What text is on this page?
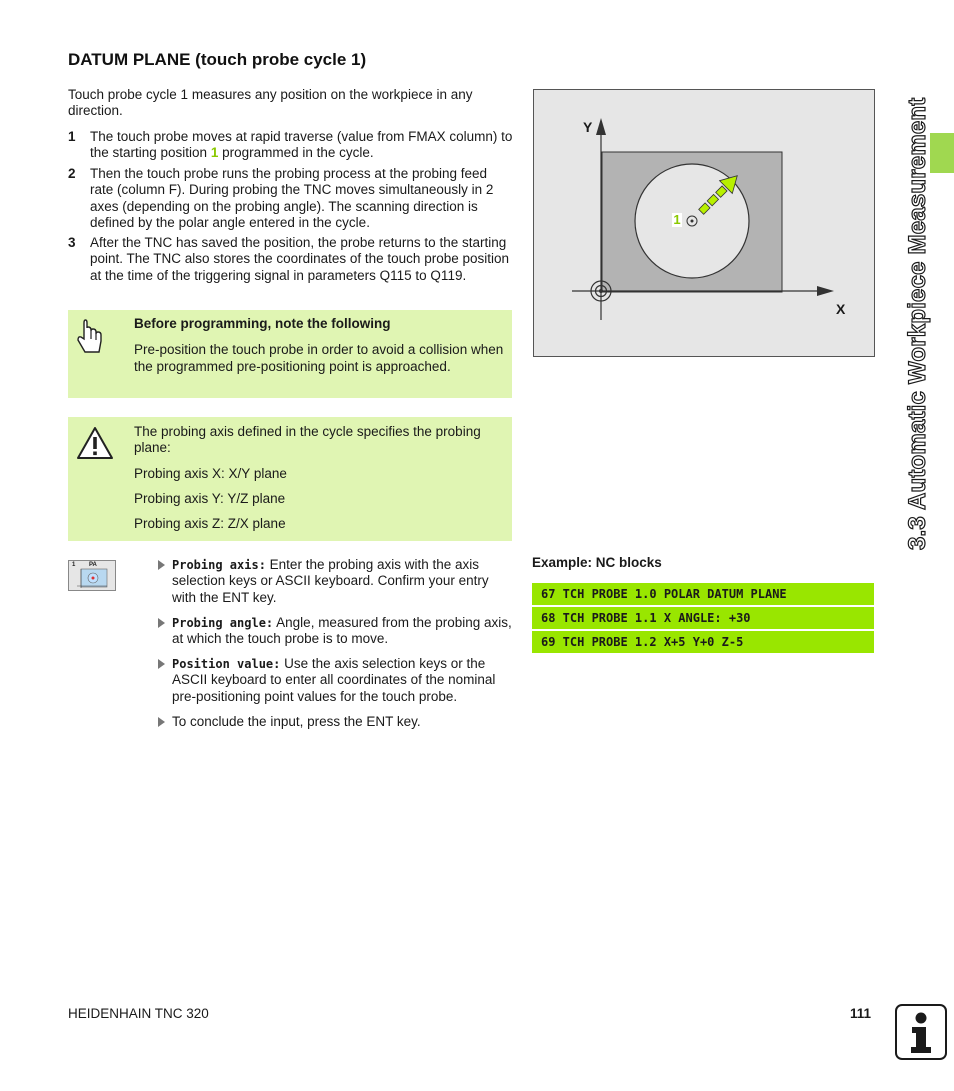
DATUM PLANE (touch probe cycle 1)
Touch probe cycle 1 measures any position on the workpiece in any direction.
1 The touch probe moves at rapid traverse (value from FMAX column) to the starting position 1 programmed in the cycle.
2 Then the touch probe runs the probing process at the probing feed rate (column F). During probing the TNC moves simultaneously in 2 axes (depending on the probing angle). The scanning direction is defined by the polar angle entered in the cycle.
3 After the TNC has saved the position, the probe returns to the starting point. The TNC also stores the coordinates of the touch probe position at the time of the triggering signal in parameters Q115 to Q119.
Before programming, note the following
Pre-position the touch probe in order to avoid a collision when the programmed pre-positioning point is approached.
The probing axis defined in the cycle specifies the probing plane:
Probing axis X: X/Y plane
Probing axis Y: Y/Z plane
Probing axis Z: Z/X plane
1 PA	Probing axis: Enter the probing axis with the axis selection keys or ASCII keyboard. Confirm your entry with the ENT key.
Probing angle: Angle, measured from the probing axis, at which the touch probe is to move.
Position value: Use the axis selection keys or the ASCII keyboard to enter all coordinates of the nominal pre-positioning point values for the touch probe.
To conclude the input, press the ENT key.
Y
X
1
Example: NC blocks
67 TCH PROBE 1.0 POLAR DATUM PLANE
68 TCH PROBE 1.1 X ANGLE: +30
69 TCH PROBE 1.2 X+5 Y+0 Z-5
3.3 Automatic Workpiece Measurement
HEIDENHAIN TNC 320	111
